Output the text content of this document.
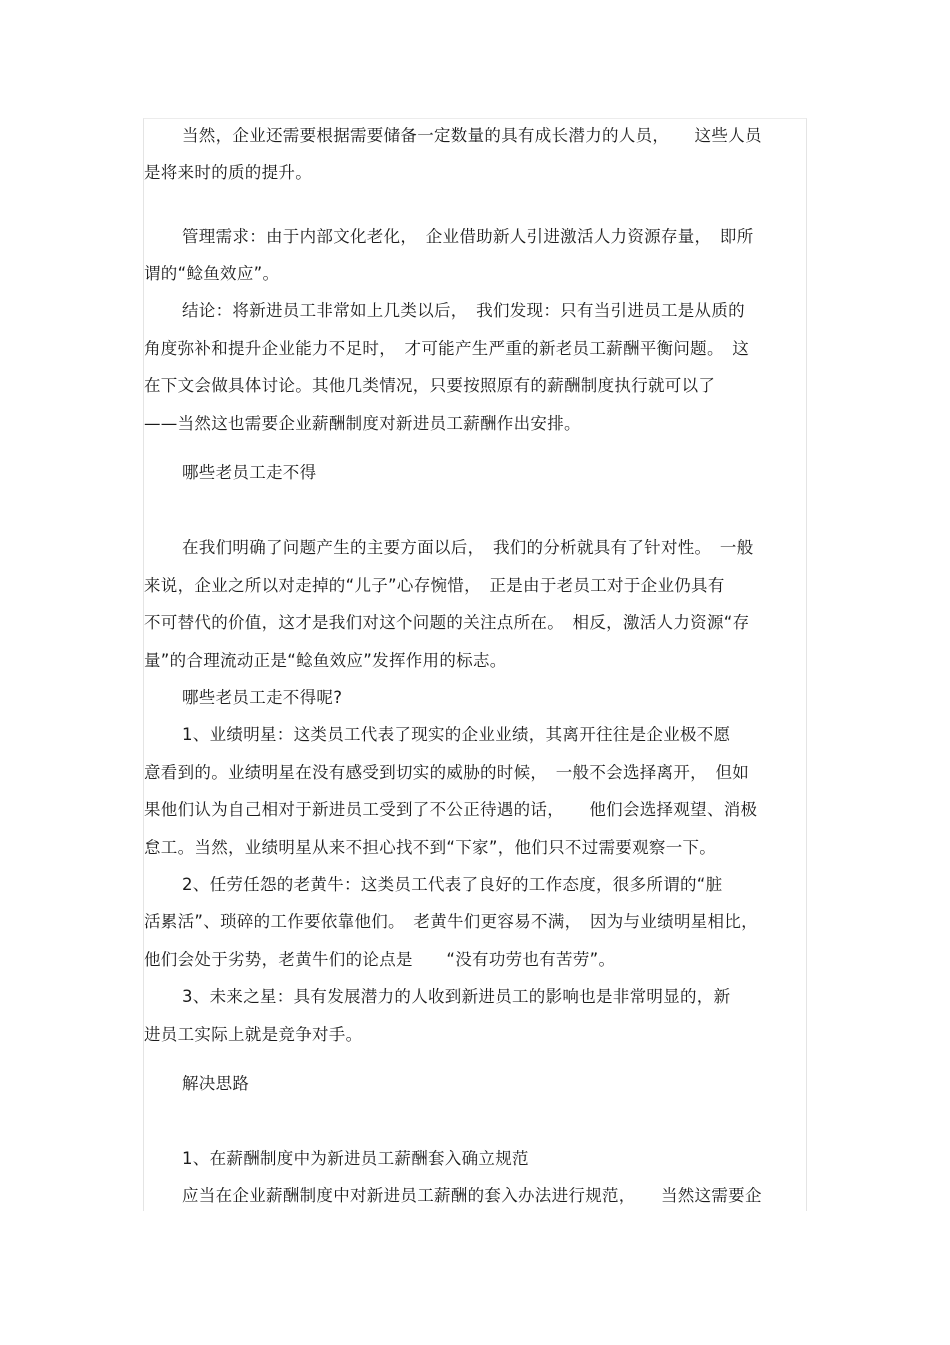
当然，企业还需要根据需要储备一定数量的具有成长潜力的人员，　　这些人员
是将来时的质的提升。
管理需求：由于内部文化老化，　企业借助新人引进激活人力资源存量，　即所
谓的“鲶鱼效应”。
结论：将新进员工非常如上几类以后，　我们发现：只有当引进员工是从质的
角度弥补和提升企业能力不足时，　才可能产生严重的新老员工薪酬平衡问题。　这
在下文会做具体讨论。其他几类情况，只要按照原有的薪酬制度执行就可以了
——当然这也需要企业薪酬制度对新进员工薪酬作出安排。
哪些老员工走不得
在我们明确了问题产生的主要方面以后，　我们的分析就具有了针对性。　一般
来说，企业之所以对走掉的“儿子”心存惋惜，　正是由于老员工对于企业仍具有
不可替代的价值，这才是我们对这个问题的关注点所在。　相反，激活人力资源“存
量”的合理流动正是“鲶鱼效应”发挥作用的标志。
哪些老员工走不得呢?
1、业绩明星：这类员工代表了现实的企业业绩，其离开往往是企业极不愿
意看到的。业绩明星在没有感受到切实的威胁的时候，　一般不会选择离开，　但如
果他们认为自己相对于新进员工受到了不公正待遇的话，　　他们会选择观望、消极
怠工。当然，业绩明星从来不担心找不到“下家”，他们只不过需要观察一下。
2、任劳任怨的老黄牛：这类员工代表了良好的工作态度，很多所谓的“脏
活累活”、琐碎的工作要依靠他们。　老黄牛们更容易不满，　因为与业绩明星相比，
他们会处于劣势，老黄牛们的论点是　　“没有功劳也有苦劳”。
3、未来之星：具有发展潜力的人收到新进员工的影响也是非常明显的，新
进员工实际上就是竞争对手。
解决思路
1、在薪酬制度中为新进员工薪酬套入确立规范
应当在企业薪酬制度中对新进员工薪酬的套入办法进行规范，　　当然这需要企
